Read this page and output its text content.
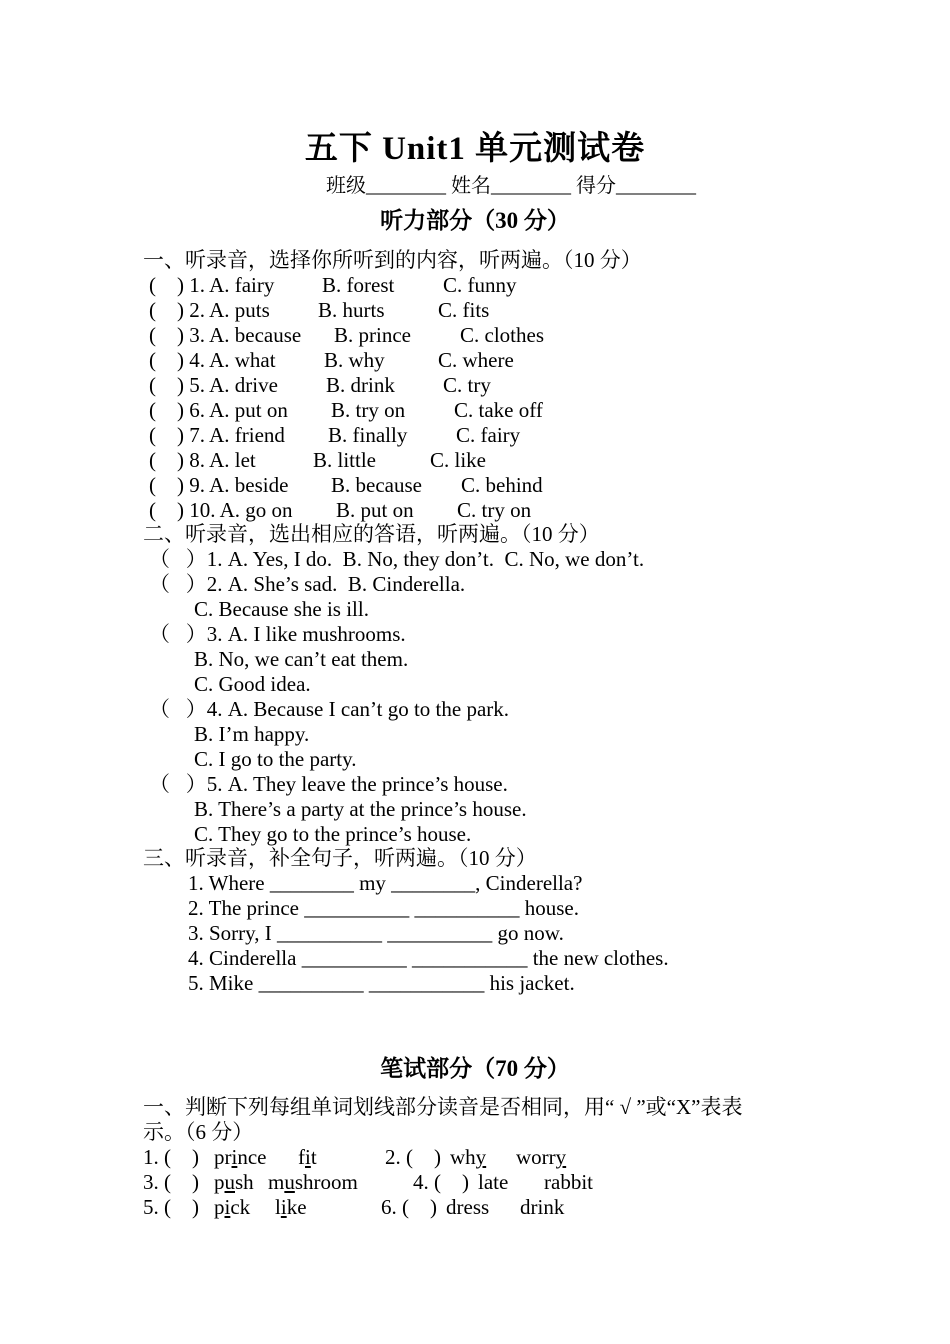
五下 Unit1 单元测试卷
班级________ 姓名________ 得分________
听力部分（30 分）
一、听录音，选择你所听到的内容，听两遍。（10 分）
(    ) 1. A. fairy B. forest C. funny
(    ) 2. A. puts B. hurts	C. fits
(    ) 3. A. because B. prince C. clothes
(    ) 4. A. what B. why	C. where
(    ) 5. A. drive B. drink C. try
(    ) 6. A. put on B. try on C. take off
(    ) 7. A. friend B. finally C. fairy
(    ) 8. A. let	B. little	C. like
(    ) 9. A. beside B. because C. behind
(    ) 10. A. go on B. put on C. try on
二、听录音，选出相应的答语，听两遍。（10 分）
（   ）1. A. Yes, I do.  B. No, they don’t.  C. No, we don’t.
（   ）2. A. She’s sad.  B. Cinderella.
C. Because she is ill.
（   ）3. A. I like mushrooms.
B. No, we can’t eat them.
C. Good idea.
（   ）4. A. Because I can’t go to the park.
B. I’m happy.
C. I go to the party.
（   ）5. A. They leave the prince’s house.
B. There’s a party at the prince’s house.
C. They go to the prince’s house.
三、听录音，补全句子，听两遍。（10 分）
1. Where ________ my ________, Cinderella?
2. The prince __________ __________ house.
3. Sorry, I __________ __________ go now.
4. Cinderella __________ ___________ the new clothes.
5. Mike __________ ___________ his jacket.
笔试部分（70 分）
一、判断下列每组单词划线部分读音是否相同，用“ √ ”或“X”表表
示。（6 分）
1. (    ) prince fit	2. (    ) why worry
3. (    ) push mushroom	4. (    ) late rabbit
5. (    ) pick like	6. (    ) dress drink
